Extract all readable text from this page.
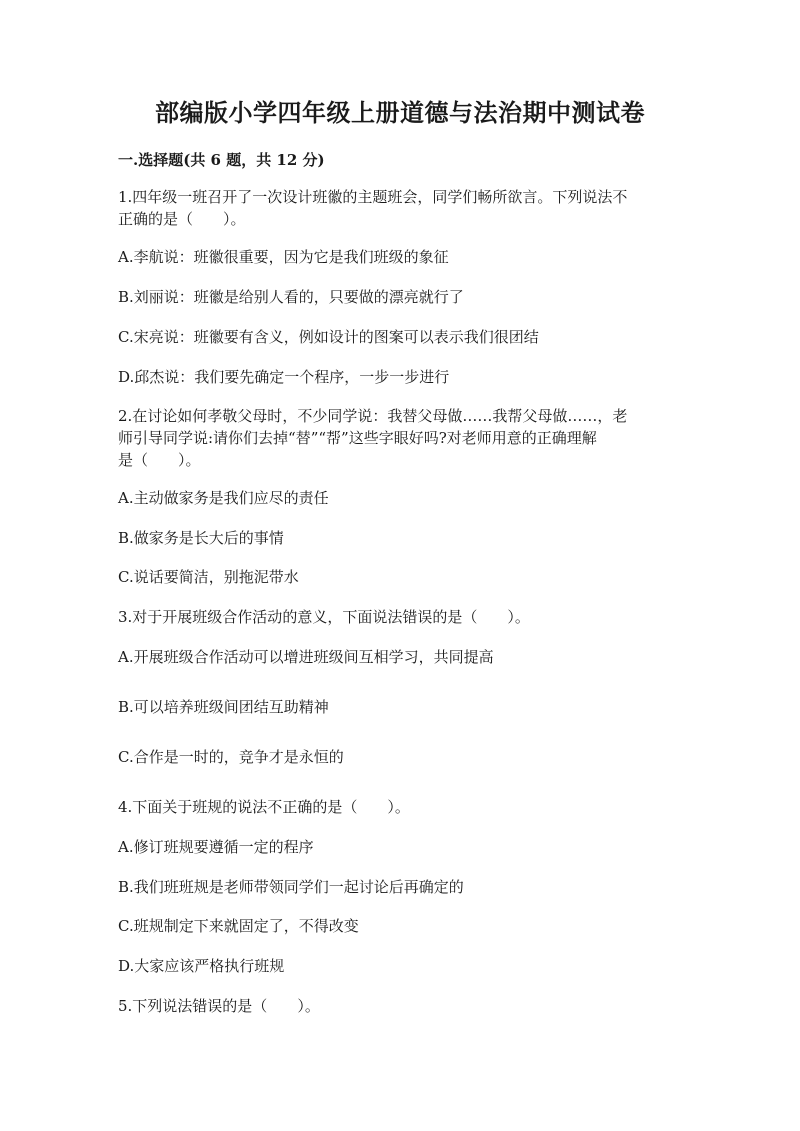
部编版小学四年级上册道德与法治期中测试卷
一.选择题(共 6 题，共 12 分)
1.四年级一班召开了一次设计班徽的主题班会，同学们畅所欲言。下列说法不
正确的是（　　）。
A.李航说：班徽很重要，因为它是我们班级的象征
B.刘丽说：班徽是给别人看的，只要做的漂亮就行了
C.宋亮说：班徽要有含义，例如设计的图案可以表示我们很团结
D.邱杰说：我们要先确定一个程序，一步一步进行
2.在讨论如何孝敬父母时，不少同学说：我替父母做……我帮父母做……，老
师引导同学说:请你们去掉“替”“帮”这些字眼好吗?对老师用意的正确理解
是（　　）。
A.主动做家务是我们应尽的责任
B.做家务是长大后的事情
C.说话要简洁，别拖泥带水
3.对于开展班级合作活动的意义，下面说法错误的是（　　）。
A.开展班级合作活动可以增进班级间互相学习，共同提高
B.可以培养班级间团结互助精神
C.合作是一时的，竞争才是永恒的
4.下面关于班规的说法不正确的是（　　）。
A.修订班规要遵循一定的程序
B.我们班班规是老师带领同学们一起讨论后再确定的
C.班规制定下来就固定了，不得改变
D.大家应该严格执行班规
5.下列说法错误的是（　　）。
